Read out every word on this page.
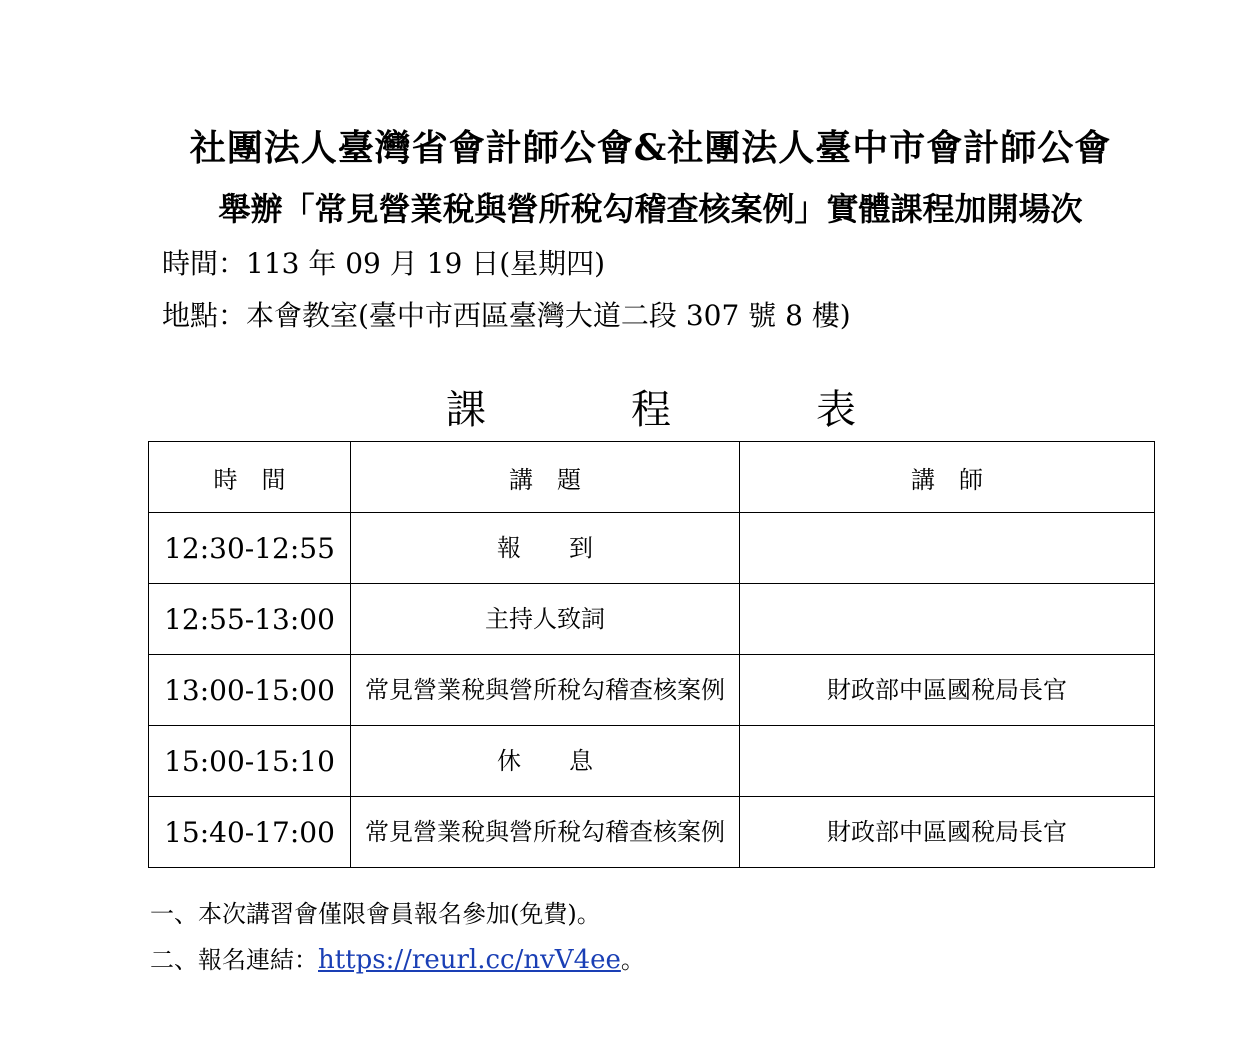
社團法人臺灣省會計師公會&社團法人臺中市會計師公會
舉辦「常見營業稅與營所稅勾稽查核案例」實體課程加開場次
時間：113 年 09 月 19 日(星期四)
地點：本會教室(臺中市西區臺灣大道二段 307 號 8 樓)
課	程	表
時　間	講　題	講　師
12:30-12:55	報　　到	
12:55-13:00	主持人致詞	
13:00-15:00	常見營業稅與營所稅勾稽查核案例	財政部中區國稅局長官
15:00-15:10	休　　息	
15:40-17:00	常見營業稅與營所稅勾稽查核案例	財政部中區國稅局長官
一、本次講習會僅限會員報名參加(免費)。
二、報名連結：https://reurl.cc/nvV4ee。
